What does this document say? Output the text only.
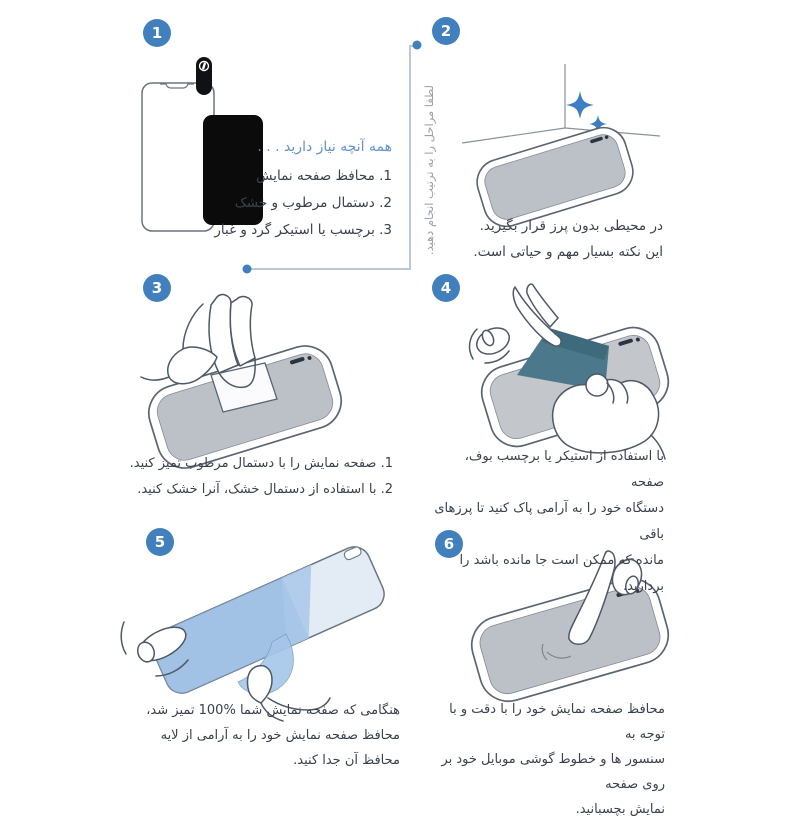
1	2
3	4
5	6
لطفا مراحل را به ترتیب انجام دهید.
همه آنچه نیاز دارید . . .
1. محافظ صفحه نمایش
2. دستمال مرطوب و خشک
3. برچسب یا استیکر گرد و غبار	در محیطی بدون پرز قرار بگیرید.
این نکته بسیار مهم و حیاتی است.
1. صفحه نمایش را با دستمال مرطوب تمیز کنید.
2. با استفاده از دستمال خشک، آنرا خشک کنید.
با استفاده از استیکر یا برچسب بوف، صفحه
دستگاه خود را به آرامی پاک کنید تا پرزهای باقی
مانده که ممکن است جا مانده باشد را بردارید.
هنگامی که صفحه نمایش شما %100 تمیز شد،
محافظ صفحه نمایش خود را به آرامی از لایه
محافظ آن جدا کنید.
محافظ صفحه نمایش خود را با دقت و با توجه به
سنسور ها و خطوط گوشی موبایل خود بر روی صفحه
نمایش بچسبانید.
